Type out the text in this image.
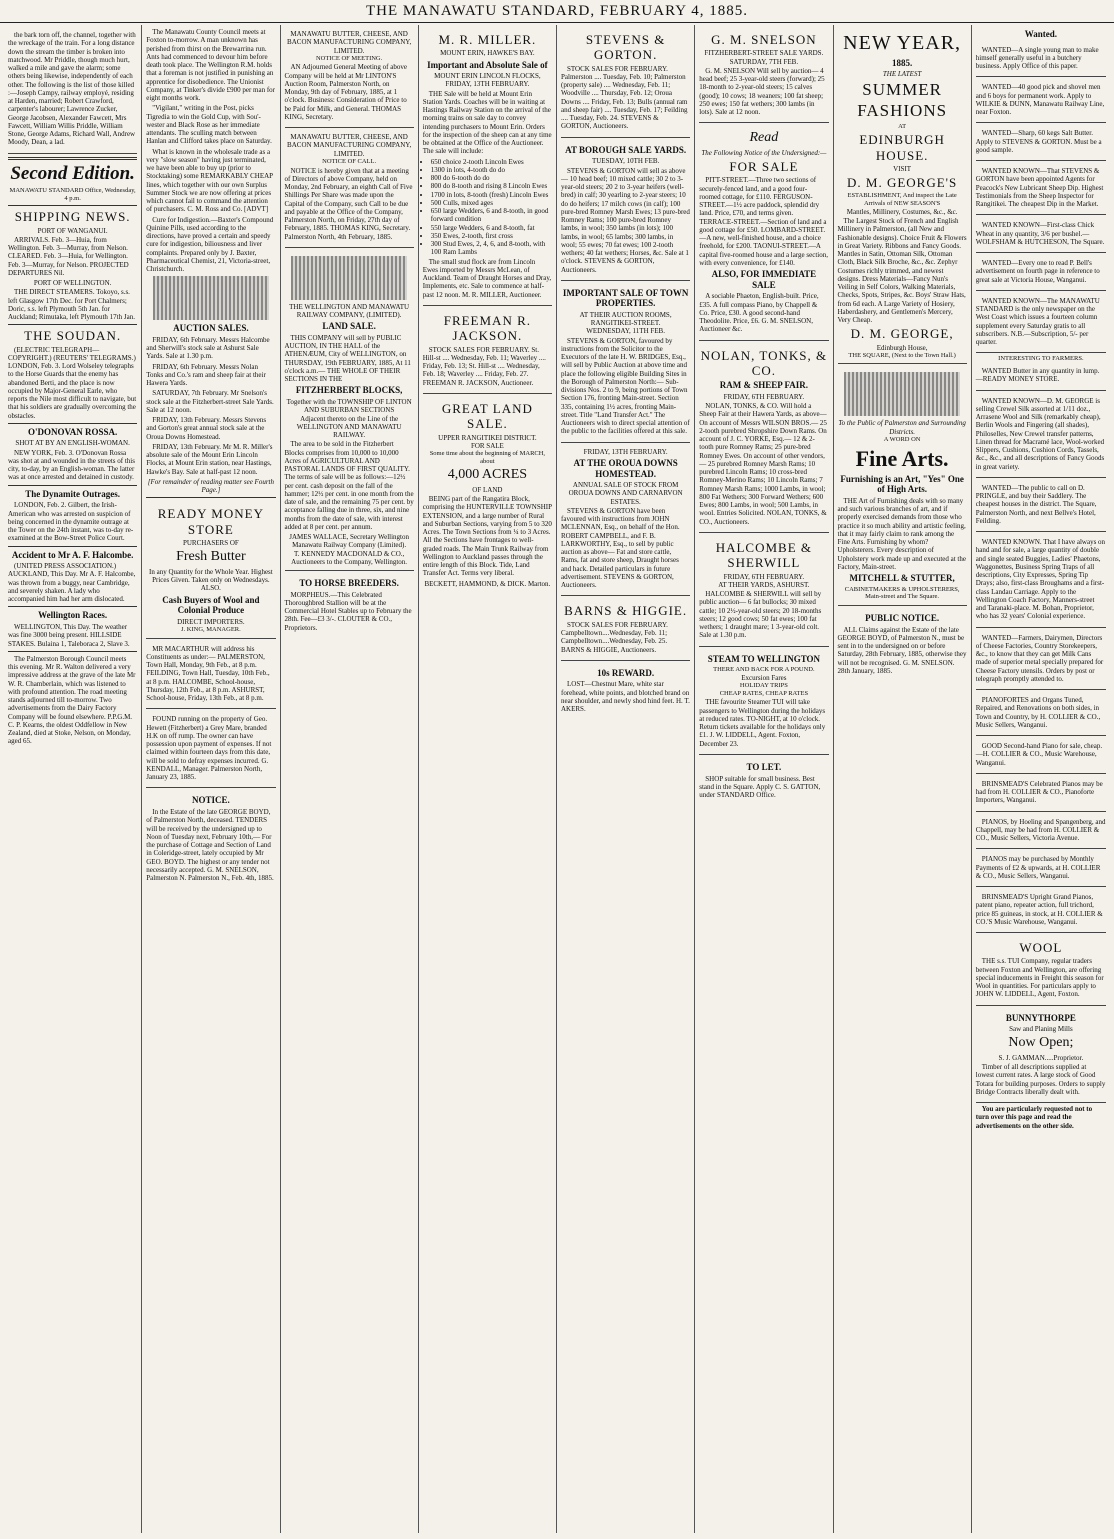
THE MANAWATU STANDARD, FEBRUARY 4, 1885.

the bark torn off, the channel, together with the wreckage of the train. For a long distance down the stream the timber is broken into matchwood. Mr Priddle, though much hurt, walked a mile and gave the alarm; some others being likewise, independently of each other. The following is the list of those killed :—Joseph Campy, railway employé, residing at Harden, married; Robert Crawford, carpenter's labourer; Lawrence Zucker, George Jacobsen, Alexander Fawcett, Mrs Fawcett, William Willis Priddle, William Stone, George Adams, Richard Wall, Andrew Moody, Dean, a lad.

Second Edition.
MANAWATU STANDARD Office, Wednesday, 4 p.m.
SHIPPING NEWS.
PORT OF WANGANUI.

ARRIVALS. Feb. 3—Huia, from Wellington. Feb. 3—Murray, from Nelson. CLEARED. Feb. 3—Huia, for Wellington. Feb. 3—Murray, for Nelson. PROJECTED DEPARTURES Nil.

PORT OF WELLINGTON.

THE DIRECT STEAMERS. Tokoyo, s.s. left Glasgow 17th Dec. for Port Chalmers; Doric, s.s. left Plymouth 5th Jan. for Auckland; Rimutaka, left Plymouth 17th Jan.

THE SOUDAN.

(ELECTRIC TELEGRAPH—COPYRIGHT.) (REUTERS' TELEGRAMS.) LONDON, Feb. 3. Lord Wolseley telegraphs to the Horse Guards that the enemy has abandoned Berti, and the place is now occupied by Major-General Earle, who reports the Nile most difficult to navigate, but that his soldiers are gradually overcoming the obstacles.

O'DONOVAN ROSSA.
SHOT AT BY AN ENGLISH-WOMAN.

NEW YORK, Feb. 3. O'Donovan Rossa was shot at and wounded in the streets of this city, to-day, by an English-woman. The latter was at once arrested and detained in custody.

The Dynamite Outrages.

LONDON, Feb. 2. Gilbert, the Irish-American who was arrested on suspicion of being concerned in the dynamite outrage at the Tower on the 24th instant, was to-day re-examined at the Bow-Street Police Court.

Accident to Mr A. F. Halcombe.

(UNITED PRESS ASSOCIATION.) AUCKLAND, This Day. Mr A. F. Halcombe, was thrown from a buggy, near Cambridge, and severely shaken. A lady who accompanied him had her arm dislocated.

Wellington Races.

WELLINGTON, This Day. The weather was fine 3000 being present. HILLSIDE STAKES. Bulaina 1, Taleboraca 2, Slave 3.

The Palmerston Borough Council meets this evening. Mr R. Walton delivered a very impressive address at the grave of the late Mr W. R. Chamberlain, which was listened to with profound attention. The road meeting stands adjourned till to-morrow. Two advertisements from the Dairy Factory Company will be found elsewhere. P.P.G.M. C. P. Kearns, the oldest Oddfellow in New Zealand, died at Stoke, Nelson, on Monday, aged 65.

The Manawatu County Council meets at Foxton to-morrow. A man unknown has perished from thirst on the Brewarrina run. Ants had commenced to devour him before death took place. The Wellington R.M. holds that a foreman is not justified in punishing an apprentice for disobedience. The Unionist Company, at Tinker's divide £900 per man for eight months work.

"Vigilant," writing in the Post, picks Tigredia to win the Gold Cup, with Sou'-wester and Black Rose as her immediate attendants. The sculling match between Hanlan and Clifford takes place on Saturday.

What is known in the wholesale trade as a very "slow season" having just terminated, we have been able to buy up (prior to Stocktaking) some REMARKABLY CHEAP lines, which together with our own Surplus Summer Stock we are now offering at prices which cannot fail to command the attention of purchasers. C. M. Ross and Co. [ADVT]

Cure for Indigestion.—Baxter's Compound Quinine Pills, used according to the directions, have proved a certain and speedy cure for indigestion, biliousness and liver complaints. Prepared only by J. Baxter, Pharmaceutical Chemist, 21, Victoria-street, Christchurch.

AUCTION SALES.

FRIDAY, 6th February. Messrs Halcombe and Sherwill's stock sale at Ashurst Sale Yards. Sale at 1.30 p.m.

FRIDAY, 6th February. Messrs Nolan Tonks and Co.'s ram and sheep fair at their Hawera Yards.

SATURDAY, 7th February. Mr Snelson's stock sale at the Fitzherbert-street Sale Yards. Sale at 12 noon.

FRIDAY, 13th February. Messrs Stevens and Gorton's great annual stock sale at the Oroua Downs Homestead.

FRIDAY, 13th February. Mr M. R. Miller's absolute sale of the Mount Erin Lincoln Flocks, at Mount Erin station, near Hastings, Hawke's Bay. Sale at half-past 12 noon.

[For remainder of reading matter see Fourth Page.]
READY MONEY STORE
PURCHASERS OF
Fresh Butter
In any Quantity for the Whole Year. Highest Prices Given. Taken only on Wednesdays. ALSO.
Cash Buyers of Wool and Colonial Produce
DIRECT IMPORTERS.
J. KING, MANAGER.

MR MACARTHUR will address his Constituents as under:— PALMERSTON, Town Hall, Monday, 9th Feb., at 8 p.m. FEILDING, Town Hall, Tuesday, 10th Feb., at 8 p.m. HALCOMBE, School-house, Thursday, 12th Feb., at 8 p.m. ASHURST, School-house, Friday, 13th Feb., at 8 p.m.

FOUND running on the property of Geo. Hewett (Fitzherbert) a Grey Mare, branded H.K on off rump. The owner can have possession upon payment of expenses. If not claimed within fourteen days from this date, will be sold to defray expenses incurred. G. KENDALL, Manager. Palmerston North, January 23, 1885.

NOTICE.

In the Estate of the late GEORGE BOYD, of Palmerston North, deceased. TENDERS will be received by the undersigned up to Noon of Tuesday next, February 10th,— For the purchase of Cottage and Section of Land in Coleridge-street, lately occupied by Mr GEO. BOYD. The highest or any tender not necessarily accepted. G. M. SNELSON, Palmerston N. Palmerston N., Feb. 4th, 1885.

MANAWATU BUTTER, CHEESE, AND BACON MANUFACTURING COMPANY, LIMITED.
NOTICE OF MEETING.

AN Adjourned General Meeting of above Company will be held at Mr LINTON'S Auction Room, Palmerston North, on Monday, 9th day of February, 1885, at 1 o'clock. Business: Consideration of Price to be Paid for Milk, and General. THOMAS KING, Secretary.

MANAWATU BUTTER, CHEESE, AND BACON MANUFACTURING COMPANY, LIMITED.
NOTICE OF CALL.

NOTICE is hereby given that at a meeting of Directors of above Company, held on Monday, 2nd February, an eighth Call of Five Shillings Per Share was made upon the Capital of the Company, such Call to be due and payable at the Office of the Company, Palmerston North, on Friday, 27th day of February, 1885. THOMAS KING, Secretary. Palmerston North, 4th February, 1885.

THE WELLINGTON AND MANAWATU RAILWAY COMPANY, (LIMITED).
LAND SALE.

THIS COMPANY will sell by PUBLIC AUCTION, IN THE HALL of the ATHENÆUM, City of WELLINGTON, on THURSDAY, 19th FEBRUARY, 1885, At 11 o'clock a.m.— THE WHOLE OF THEIR SECTIONS IN THE

FITZHERBERT BLOCKS,
Together with the TOWNSHIP OF LINTON AND SUBURBAN SECTIONS
Adjacent thereto on the Line of the WELLINGTON AND MANAWATU RAILWAY.

The area to be sold in the Fitzherbert Blocks comprises from 10,000 to 10,000 Acres of AGRICULTURAL AND PASTORAL LANDS OF FIRST QUALITY. The terms of sale will be as follows:—12½ per cent. cash deposit on the fall of the hammer; 12½ per cent. in one month from the date of sale, and the remaining 75 per cent. by acceptance falling due in three, six, and nine months from the date of sale, with interest added at 8 per cent. per annum.

JAMES WALLACE, Secretary Wellington Manawatu Railway Company (Limited).
T. KENNEDY MACDONALD & CO., Auctioneers to the Company, Wellington.
TO HORSE BREEDERS.

MORPHEUS.—This Celebrated Thoroughbred Stallion will be at the Commercial Hotel Stables up to February the 28th. Fee—£3 3/-. CLOUTER & CO., Proprietors.

M. R. MILLER.
MOUNT ERIN, HAWKE'S BAY.
Important and Absolute Sale of
MOUNT ERIN LINCOLN FLOCKS,
FRIDAY, 13TH FEBRUARY.

THE Sale will be held at Mount Erin Station Yards. Coaches will be in waiting at Hastings Railway Station on the arrival of the morning trains on sale day to convey intending purchasers to Mount Erin. Orders for the inspection of the sheep can at any time be obtained at the Office of the Auctioneer. The sale will include:

• 650 choice 2-tooth Lincoln Ewes
• 1300 in lots, 4-tooth do do
• 800 do 6-tooth do do
• 800 do 8-tooth and rising 8 Lincoln Ewes
• 1700 in lots, 8-tooth (fresh) Lincoln Ewes
• 500 Culls, mixed ages
• 650 large Wedders, 6 and 8-tooth, in good forward condition
• 550 large Wedders, 6 and 8-tooth, fat
• 350 Ewes, 2-tooth, first cross
• 300 Stud Ewes, 2, 4, 6, and 8-tooth, with 100 Ram Lambs

The small stud flock are from Lincoln Ewes imported by Messrs McLean, of Auckland. Team of Draught Horses and Dray, Implements, etc. Sale to commence at half-past 12 noon. M. R. MILLER, Auctioneer.

FREEMAN R. JACKSON.

STOCK SALES FOR FEBRUARY. St. Hill-st .... Wednesday, Feb. 11; Waverley .... Friday, Feb. 13; St. Hill-st .... Wednesday, Feb. 18; Waverley .... Friday, Feb. 27. FREEMAN R. JACKSON, Auctioneer.

GREAT LAND SALE.
UPPER RANGITIKEI DISTRICT.
FOR SALE
Some time about the beginning of MARCH, about
4,000 ACRES
OF LAND

BEING part of the Rangatira Block, comprising the HUNTERVILLE TOWNSHIP EXTENSION, and a large number of Rural and Suburban Sections, varying from 5 to 320 Acres. The Town Sections from ¼ to 3 Acres. All the Sections have frontages to well-graded roads. The Main Trunk Railway from Wellington to Auckland passes through the entire length of this Block. Tide, Land Transfer Act. Terms very liberal.

BECKETT, HAMMOND, & DICK. Marton.
STEVENS & GORTON.

STOCK SALES FOR FEBRUARY. Palmerston .... Tuesday, Feb. 10; Palmerston (property sale) .... Wednesday, Feb. 11; Woodville .... Thursday, Feb. 12; Oroua Downs .... Friday, Feb. 13; Bulls (annual ram and sheep fair) .... Tuesday, Feb. 17; Feilding .... Tuesday, Feb. 24. STEVENS & GORTON, Auctioneers.

AT BOROUGH SALE YARDS.
TUESDAY, 10TH FEB.

STEVENS & GORTON will sell as above— 10 head beef; 10 mixed cattle; 30 2 to 3-year-old steers; 20 2 to 3-year heifers (well-bred) in calf; 30 yearling to 2-year steers; 10 do do heifers; 17 milch cows (in calf); 100 pure-bred Romney Marsh Ewes; 13 pure-bred Romney Rams; 100 pure-bred Romney lambs, in wool; 350 lambs (in lots); 100 lambs, in wool; 65 lambs; 300 lambs, in wool; 55 ewes; 70 fat ewes; 100 2-tooth wethers; 40 fat wethers; Horses, &c. Sale at 1 o'clock. STEVENS & GORTON, Auctioneers.

IMPORTANT SALE OF TOWN PROPERTIES.
AT THEIR AUCTION ROOMS, RANGITIKEI-STREET.
WEDNESDAY, 11TH FEB.

STEVENS & GORTON, favoured by instructions from the Solicitor to the Executors of the late H. W. BRIDGES, Esq., will sell by Public Auction at above time and place the following eligible Building Sites in the Borough of Palmerston North:— Sub-divisions Nos. 2 to 9, being portions of Town Section 176, fronting Main-street. Section 335, containing 1½ acres, fronting Main-street. Title "Land Transfer Act." The Auctioneers wish to direct special attention of the public to the facilities offered at this sale.

FRIDAY, 13TH FEBRUARY.
AT THE OROUA DOWNS HOMESTEAD.
ANNUAL SALE OF STOCK FROM OROUA DOWNS AND CARNARVON ESTATES.

STEVENS & GORTON have been favoured with instructions from JOHN MCLENNAN, Esq., on behalf of the Hon. ROBERT CAMPBELL, and F. B. LARKWORTHY, Esq., to sell by public auction as above— Fat and store cattle, Rams, fat and store sheep, Draught horses and hack. Detailed particulars in future advertisement. STEVENS & GORTON, Auctioneers.

BARNS & HIGGIE.

STOCK SALES FOR FEBRUARY. Campbelltown....Wednesday, Feb. 11; Campbelltown....Wednesday, Feb. 25. BARNS & HIGGIE, Auctioneers.

10s REWARD.

LOST—Chestnut Mare, white star forehead, white points, and blotched brand on near shoulder, and newly shod hind feet. H. T. AKERS.

G. M. SNELSON
FITZHERBERT-STREET SALE YARDS.
SATURDAY, 7TH FEB.

G. M. SNELSON Will sell by auction— 4 head beef; 25 3-year-old steers (forward); 25 18-month to 2-year-old steers; 15 calves (good); 10 cows; 18 weaners; 100 fat sheep; 250 ewes; 150 fat wethers; 300 lambs (in lots). Sale at 12 noon.

Read
The Following Notice of the Undersigned:—
FOR SALE

PITT-STREET.—Three two sections of securely-fenced land, and a good four-roomed cottage, for £110. FERGUSON-STREET.—1½ acre paddock, splendid dry land. Price, £70, and terms given. TERRACE-STREET.—Section of land and a good cottage for £50. LOMBARD-STREET.—A new, well-finished house, and a choice freehold, for £200. TAONUI-STREET.—A capital five-roomed house and a large section, with every convenience, for £140.

ALSO, FOR IMMEDIATE SALE

A sociable Phaeton, English-built. Price, £35. A full compass Piano, by Chappell & Co. Price, £30. A good second-hand Theodolite. Price, £6. G. M. SNELSON, Auctioneer &c.

NOLAN, TONKS, & CO.
RAM & SHEEP FAIR.
FRIDAY, 6TH FEBRUARY.

NOLAN, TONKS, & CO. Will hold a Sheep Fair at their Hawera Yards, as above— On account of Messrs WILSON BROS.— 25 2-tooth purebred Shropshire Down Rams. On account of J. C. YORKE, Esq.— 12 & 2-tooth pure Romney Rams; 25 pure-bred Romney Ewes. On account of other vendors,— 25 purebred Romney Marsh Rams; 10 purebred Lincoln Rams; 10 cross-bred Romney-Merino Rams; 10 Lincoln Rams; 7 Romney Marsh Rams; 1000 Lambs, in wool; 800 Fat Wethers; 300 Forward Wethers; 600 Ewes; 800 Lambs, in wool; 500 Lambs, in wool. Entries Solicited. NOLAN, TONKS, & CO., Auctioneers.

HALCOMBE & SHERWILL
FRIDAY, 6TH FEBRUARY.
AT THEIR YARDS, ASHURST.

HALCOMBE & SHERWILL will sell by public auction— 6 fat bullocks; 30 mixed cattle; 10 2½-year-old steers; 20 18-months steers; 12 good cows; 50 fat ewes; 100 fat wethers; 1 draught mare; 1 3-year-old colt. Sale at 1.30 p.m.

STEAM TO WELLINGTON
THERE AND BACK FOR A POUND.
Excursion Fares
HOLIDAY TRIPS
CHEAP RATES, CHEAP RATES

THE favourite Steamer TUI will take passengers to Wellington during the holidays at reduced rates. TO-NIGHT, at 10 o'clock. Return tickets available for the holidays only £1. J. W. LIDDELL, Agent. Foxton, December 23.

TO LET.

SHOP suitable for small business. Best stand in the Square. Apply C. S. GATTON, under STANDARD Office.

NEW YEAR,
1885.
THE LATEST
SUMMER FASHIONS
AT
EDINBURGH HOUSE.
VISIT
D. M. GEORGE'S
ESTABLISHMENT, And inspect the Late Arrivals of NEW SEASON'S
Mantles, Millinery, Costumes, &c., &c.

The Largest Stock of French and English Millinery in Palmerston, (all New and Fashionable designs). Choice Fruit & Flowers in Great Variety. Ribbons and Fancy Goods. Mantles in Satin, Ottoman Silk, Ottoman Cloth, Black Silk Broche, &c., &c. Zephyr Costumes richly trimmed, and newest designs. Dress Materials—Fancy Nun's Veiling in Self Colors, Walking Materials, Checks, Spots, Stripes, &c. Boys' Straw Hats, from 6d each. A Large Variety of Hosiery, Haberdashery, and Gentlemen's Mercery, Very Cheap.

D. M. GEORGE,
Edinburgh House,
THE SQUARE, (Next to the Town Hall.)
To the Public of Palmerston and Surrounding Districts.
A WORD ON
Fine Arts.
Furnishing is an Art, "Yes" One of High Arts.

THE Art of Furnishing deals with so many and such various branches of art, and if properly exercised demands from those who practice it so much ability and artistic feeling, that it may fairly claim to rank among the Fine Arts. Furnishing by whom? Upholsterers. Every description of Upholstery work made up and executed at the Factory, Main-street.

MITCHELL & STUTTER,
CABINETMAKERS & UPHOLSTERERS, Main-street and The Square.
PUBLIC NOTICE.

ALL Claims against the Estate of the late GEORGE BOYD, of Palmerston N., must be sent in to the undersigned on or before Saturday, 28th February, 1885, otherwise they will not be recognised. G. M. SNELSON. 28th January, 1885.

Wanted.

WANTED—A single young man to make himself generally useful in a butchery business. Apply Office of this paper.

WANTED—40 good pick and shovel men and 6 boys for permanent work. Apply to WILKIE & DUNN, Manawatu Railway Line, near Foxton.

WANTED—Sharp, 60 kegs Salt Butter. Apply to STEVENS & GORTON. Must be a good sample.

WANTED KNOWN—That STEVENS & GORTON have been appointed Agents for Peacock's New Lubricant Sheep Dip. Highest Testimonials from the Sheep Inspector for Rangitikei. The cheapest Dip in the Market.

WANTED KNOWN—First-class Chick Wheat in any quantity, 3/6 per bushel.—WOLFSHAM & HUTCHESON, The Square.

WANTED—Every one to read P. Bell's advertisement on fourth page in reference to great sale at Victoria House, Wanganui.

WANTED KNOWN—The MANAWATU STANDARD is the only newspaper on the West Coast which issues a fourteen column supplement every Saturday gratis to all subscribers. N.B.—Subscription, 5/- per quarter.

INTERESTING TO FARMERS.

WANTED Butter in any quantity in lump.—READY MONEY STORE.

WANTED KNOWN—D. M. GEORGE is selling Crewel Silk assorted at 1/11 doz., Arrasene Wool and Silk (remarkably cheap), Berlin Wools and Fingering (all shades), Philoselles, New Crewel transfer patterns, Linen thread for Macramé lace, Wool-worked Slippers, Cushions, Cushion Cords, Tassels, &c., &c., and all descriptions of Fancy Goods in great variety.

WANTED—The public to call on D. PRINGLE, and buy their Saddlery. The cheapest houses in the district. The Square, Palmerston North, and next Bellve's Hotel, Feilding.

WANTED KNOWN. That I have always on hand and for sale, a large quantity of double and single seated Buggies, Ladies' Phaetons, Waggonettes, Business Spring Traps of all descriptions, City Expresses, Spring Tip Drays; also, first-class Broughams and a first-class Landau Carriage. Apply to the Wellington Coach Factory, Manners-street and Taranaki-place. M. Bohan, Proprietor, who has 32 years' Colonial experience.

WANTED—Farmers, Dairymen, Directors of Cheese Factories, Country Storekeepers, &c., to know that they can get Milk Cans made of superior metal specially prepared for Cheese Factory utensils. Orders by post or telegraph promptly attended to.

PIANOFORTES and Organs Tuned, Repaired, and Renovations on both sides, in Town and Country, by H. COLLIER & CO., Music Sellers, Wanganui.

GOOD Second-hand Piano for sale, cheap.—H. COLLIER & CO., Music Warehouse, Wanganui.

BRINSMEAD'S Celebrated Pianos may be had from H. COLLIER & CO., Pianoforte Importers, Wanganui.

PIANOS, by Hoeling and Spangenberg, and Chappell, may be had from H. COLLIER & CO., Music Sellers, Victoria Avenue.

PIANOS may be purchased by Monthly Payments of £2 & upwards, at H. COLLIER & CO., Music Sellers, Wanganui.

BRINSMEAD'S Upright Grand Pianos, patent piano, repeater action, full trichord, price 85 guineas, in stock, at H. COLLIER & CO.'S Music Warehouse, Wanganui.

WOOL

THE s.s. TUI Company, regular traders between Foxton and Wellington, are offering special inducements in Freight this season for Wool in quantities. For particulars apply to JOHN W. LIDDELL, Agent, Foxton.

BUNNYTHORPE
Saw and Planing Mills
Now Open;
S. J. GAMMAN.....Proprietor.

Timber of all descriptions supplied at lowest current rates. A large stock of Good Totara for building purposes. Orders to supply Bridge Contracts liberally dealt with.

You are particularly requested not to turn over this page and read the advertisements on the other side.
